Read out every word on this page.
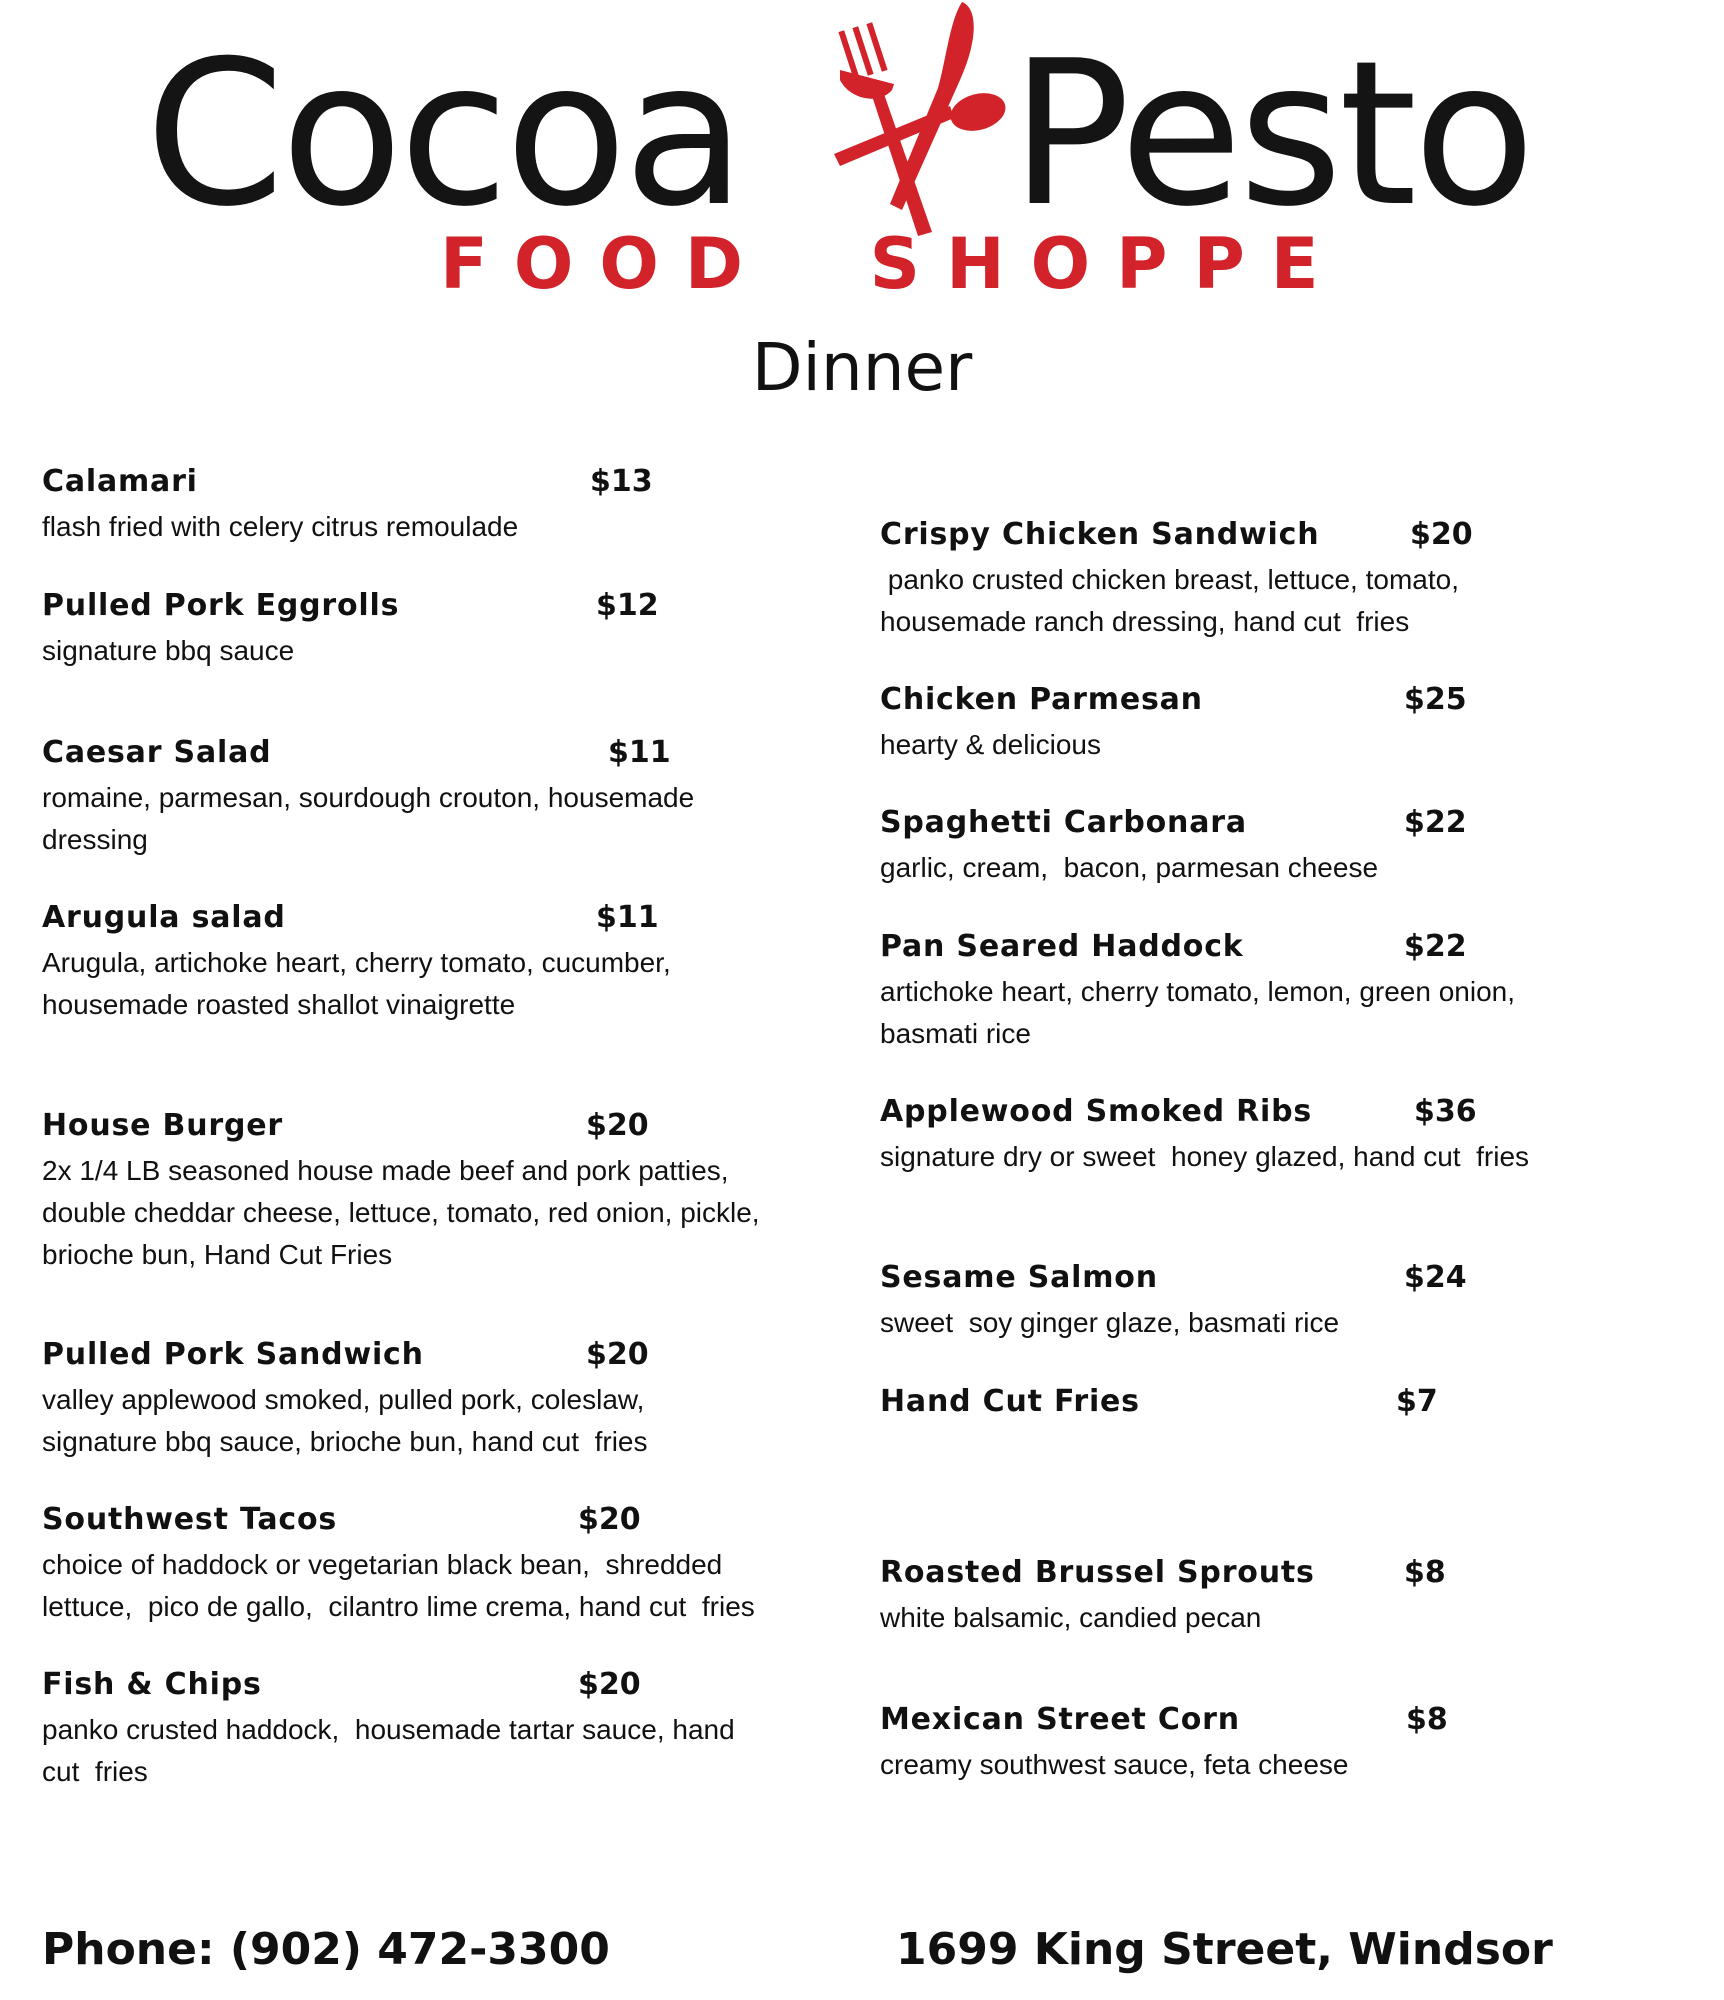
Cocoa Pesto
FOOD  SHOPPE
Dinner
Calamari	$13
flash fried with celery citrus remoulade
Pulled Pork Eggrolls	$12
signature bbq sauce
Caesar Salad	$11
romaine, parmesan, sourdough crouton, housemade
dressing
Arugula salad	$11
Arugula, artichoke heart, cherry tomato, cucumber,
housemade roasted shallot vinaigrette
House Burger	$20
2x 1/4 LB seasoned house made beef and pork patties,
double cheddar cheese, lettuce, tomato, red onion, pickle,
brioche bun, Hand Cut Fries
Pulled Pork Sandwich	$20
valley applewood smoked, pulled pork, coleslaw,
signature bbq sauce, brioche bun, hand cut  fries
Southwest Tacos	$20
choice of haddock or vegetarian black bean,  shredded
lettuce,  pico de gallo,  cilantro lime crema, hand cut  fries
Fish & Chips	$20
panko crusted haddock,  housemade tartar sauce, hand
cut  fries
Crispy Chicken Sandwich	$20
panko crusted chicken breast, lettuce, tomato,
housemade ranch dressing, hand cut  fries
Chicken Parmesan	$25
hearty & delicious
Spaghetti Carbonara	$22
garlic, cream,  bacon, parmesan cheese
Pan Seared Haddock	$22
artichoke heart, cherry tomato, lemon, green onion,
basmati rice
Applewood Smoked Ribs	$36
signature dry or sweet  honey glazed, hand cut  fries
Sesame Salmon	$24
sweet  soy ginger glaze, basmati rice
Hand Cut Fries	$7
Roasted Brussel Sprouts	$8
white balsamic, candied pecan
Mexican Street Corn	$8
creamy southwest sauce, feta cheese
Phone: (902) 472-3300	1699 King Street, Windsor
